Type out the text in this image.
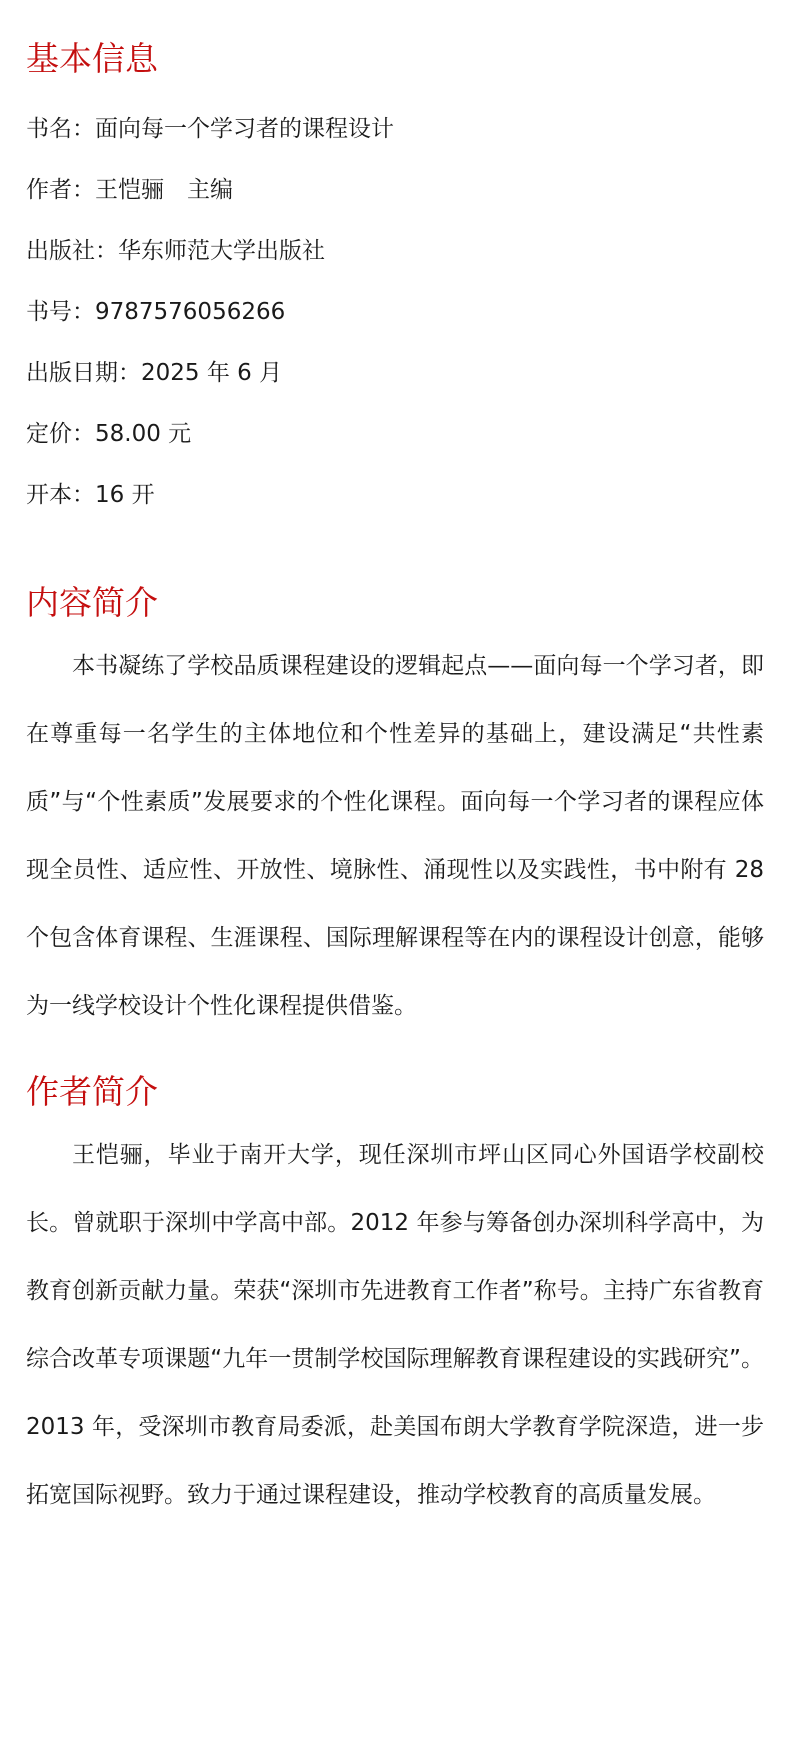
基本信息
书名：面向每一个学习者的课程设计
作者：王恺骊　主编
出版社：华东师范大学出版社
书号：9787576056266
出版日期：2025 年 6 月
定价：58.00 元
开本：16 开
内容简介

本书凝练了学校品质课程建设的逻辑起点——面向每一个学习者，即在尊重每一名学生的主体地位和个性差异的基础上，建设满足“共性素质”与“个性素质”发展要求的个性化课程。面向每一个学习者的课程应体现全员性、适应性、开放性、境脉性、涌现性以及实践性，书中附有 28 个包含体育课程、生涯课程、国际理解课程等在内的课程设计创意，能够为一线学校设计个性化课程提供借鉴。

作者简介

王恺骊，毕业于南开大学，现任深圳市坪山区同心外国语学校副校长。曾就职于深圳中学高中部。2012 年参与筹备创办深圳科学高中，为教育创新贡献力量。荣获“深圳市先进教育工作者”称号。主持广东省教育综合改革专项课题“九年一贯制学校国际理解教育课程建设的实践研究”。2013 年，受深圳市教育局委派，赴美国布朗大学教育学院深造，进一步拓宽国际视野。致力于通过课程建设，推动学校教育的高质量发展。
